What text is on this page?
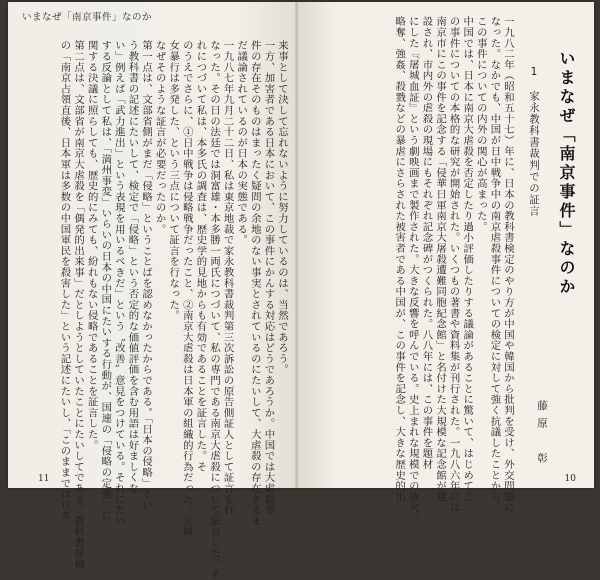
いまなぜ「南京事件」なのか
来事として決して忘れないように努力しているのは、当然であろう。
一方、加害者である日本において、この事件にかんする対応はどうであろうか。中国では大虐殺事
件の存在そのものはまったく疑問の余地のない事実とされているのにたいして、大虐殺の存在さえま
だ議論されているのが日本の実態である。
一九八七年九月二十二日、私は東京地裁で家永教科書裁判第三次訴訟の原告側証人として証言を行
なった。その日の法廷では洞富雄・本多勝一両氏につづいて、私の専門である南京大虐殺について証言した。そ
れにつづいて私は、本多氏の調査は、歴史学的見地からも有効であることを証言した。そ
のうえでさらに、①日中戦争は侵略戦争だったこと、②南京大虐殺は日本軍の組織的行為だった、③婦
女暴行は多発した、という三点について証言を行なった。
なぜそのような証言が必要だったのか。
第一点は、文部省側がまだ「侵略」ということばを認めなかったからである。「日本の侵略」とい
う教科書の記述にたいして、検定で「侵略」という否定的な価値評価を含む用語は好ましくな
い」例えば「武力進出」という表現を用いるべきだ」という〝改善〟意見をつけている。それにたい
する反論として私は、「満州事変」いらいの日本の中国にたいする行動が、国連の「侵略の定義」に
関する決議に照らしても、歴史的にみても、紛れもない侵略であることを証言した。
第二点は、文部省が南京大虐殺を「偶発的出来事」だとしようとしていたことにたいしてである。教科書原稿
の「南京占領直後、日本軍は多数の中国軍民を殺害した」という記述にたいし、「このままでは日本
11
いまなぜ「南京事件」なのか
1　家永教科書裁判での証言
藤原　彰
一九八二年（昭和五十七）年に、日本の教科書検定のやり方が中国や韓国から批判を受け、外交問題に
なった。なかでも、中国が日中戦争中の南京虐殺事件についての検定に対して強く抗議したことから、
この事件についての内外の関心が高まった。
中国では、日本に南京大虐殺を否定したり過小評価したりする議論があることに驚いて、はじめてこ
の事件についての本格的な研究が開始された。いくつもの著書や資料集が刊行された。一九八六年には
南京市にこの事件を記念する「侵華日軍南京大屠殺遭難同胞紀念館」と名付けた大規模な記念館が建
設され、市内外の虐殺の現場にもそれぞれ記念碑がつくられた。八八年には、この事件を題材
にした『屠城血証』という劇映画まで製作された。大きな反響を呼んでいる。史上まれな規模での放火、
略奪、強姦、殺戮などの暴虐にさらされた被害者である中国が、この事件を記念し、大きな歴史的出	10
